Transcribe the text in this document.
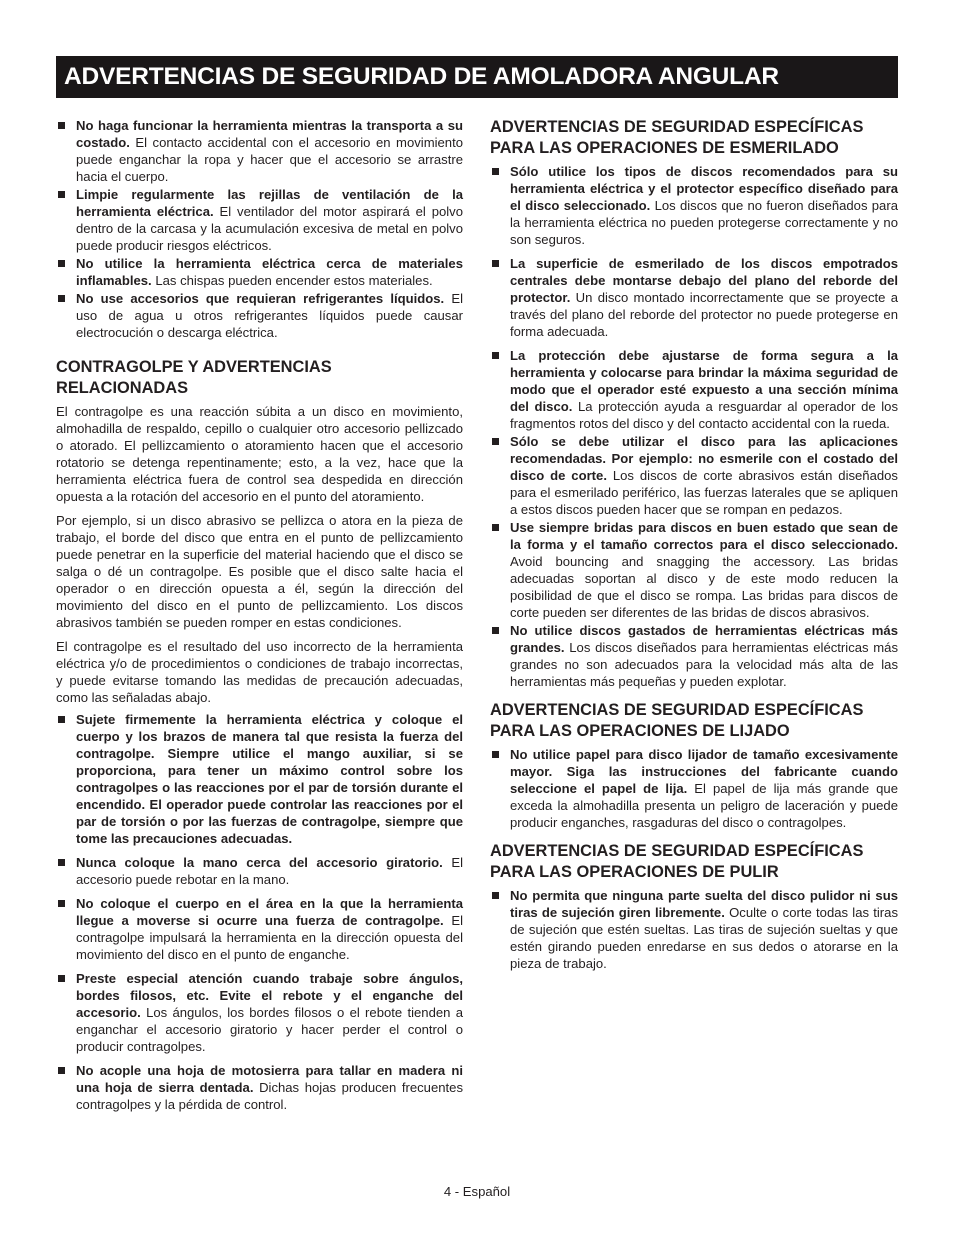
ADVERTENCIAS DE SEGURIDAD DE AMOLADORA ANGULAR

No haga funcionar la herramienta mientras la transporta a su costado. El contacto accidental con el accesorio en movimiento puede enganchar la ropa y hacer que el accesorio se arrastre hacia el cuerpo.

Limpie regularmente las rejillas de ventilación de la herramienta eléctrica. El ventilador del motor aspirará el polvo dentro de la carcasa y la acumulación excesiva de metal en polvo puede producir riesgos eléctricos.

No utilice la herramienta eléctrica cerca de materiales inflamables. Las chispas pueden encender estos materiales.

No use accesorios que requieran refrigerantes líquidos. El uso de agua u otros refrigerantes líquidos puede causar electrocución o descarga eléctrica.

CONTRAGOLPE Y ADVERTENCIAS RELACIONADAS

El contragolpe es una reacción súbita a un disco en movimiento, almohadilla de respaldo, cepillo o cualquier otro accesorio pellizcado o atorado. El pellizcamiento o atoramiento hacen que el accesorio rotatorio se detenga repentinamente; esto, a la vez, hace que la herramienta eléctrica fuera de control sea despedida en dirección opuesta a la rotación del accesorio en el punto del atoramiento.

Por ejemplo, si un disco abrasivo se pellizca o atora en la pieza de trabajo, el borde del disco que entra en el punto de pellizcamiento puede penetrar en la superficie del material haciendo que el disco se salga o dé un contragolpe. Es posible que el disco salte hacia el operador o en dirección opuesta a él, según la dirección del movimiento del disco en el punto de pellizcamiento. Los discos abrasivos también se pueden romper en estas condiciones.

El contragolpe es el resultado del uso incorrecto de la herramienta eléctrica y/o de procedimientos o condiciones de trabajo incorrectas, y puede evitarse tomando las medidas de precaución adecuadas, como las señaladas abajo.

Sujete firmemente la herramienta eléctrica y coloque el cuerpo y los brazos de manera tal que resista la fuerza del contragolpe. Siempre utilice el mango auxiliar, si se proporciona, para tener un máximo control sobre los contragolpes o las reacciones por el par de torsión durante el encendido. El operador puede controlar las reacciones por el par de torsión o por las fuerzas de contragolpe, siempre que tome las precauciones adecuadas.

Nunca coloque la mano cerca del accesorio giratorio. El accesorio puede rebotar en la mano.

No coloque el cuerpo en el área en la que la herramienta llegue a moverse si ocurre una fuerza de contragolpe. El contragolpe impulsará la herramienta en la dirección opuesta del movimiento del disco en el punto de enganche.

Preste especial atención cuando trabaje sobre ángulos, bordes filosos, etc. Evite el rebote y el enganche del accesorio. Los ángulos, los bordes filosos o el rebote tienden a enganchar el accesorio giratorio y hacer perder el control o producir contragolpes.

No acople una hoja de motosierra para tallar en madera ni una hoja de sierra dentada. Dichas hojas producen frecuentes contragolpes y la pérdida de control.

ADVERTENCIAS DE SEGURIDAD ESPECÍFICAS PARA LAS OPERACIONES DE ESMERILADO

Sólo utilice los tipos de discos recomendados para su herramienta eléctrica y el protector específico diseñado para el disco seleccionado. Los discos que no fueron diseñados para la herramienta eléctrica no pueden protegerse correctamente y no son seguros.

La superficie de esmerilado de los discos empotrados centrales debe montarse debajo del plano del reborde del protector. Un disco montado incorrectamente que se proyecte a través del plano del reborde del protector no puede protegerse en forma adecuada.

La protección debe ajustarse de forma segura a la herramienta y colocarse para brindar la máxima seguridad de modo que el operador esté expuesto a una sección mínima del disco. La protección ayuda a resguardar al operador de los fragmentos rotos del disco y del contacto accidental con la rueda.

Sólo se debe utilizar el disco para las aplicaciones recomendadas. Por ejemplo: no esmerile con el costado del disco de corte. Los discos de corte abrasivos están diseñados para el esmerilado periférico, las fuerzas laterales que se apliquen a estos discos pueden hacer que se rompan en pedazos.

Use siempre bridas para discos en buen estado que sean de la forma y el tamaño correctos para el disco seleccionado. Avoid bouncing and snagging the accessory. Las bridas adecuadas soportan al disco y de este modo reducen la posibilidad de que el disco se rompa. Las bridas para discos de corte pueden ser diferentes de las bridas de discos abrasivos.

No utilice discos gastados de herramientas eléctricas más grandes. Los discos diseñados para herramientas eléctricas más grandes no son adecuados para la velocidad más alta de las herramientas más pequeñas y pueden explotar.

ADVERTENCIAS DE SEGURIDAD ESPECÍFICAS PARA LAS OPERACIONES DE LIJADO

No utilice papel para disco lijador de tamaño excesivamente mayor. Siga las instrucciones del fabricante cuando seleccione el papel de lija. El papel de lija más grande que exceda la almohadilla presenta un peligro de laceración y puede producir enganches, rasgaduras del disco o contragolpes.

ADVERTENCIAS DE SEGURIDAD ESPECÍFICAS PARA LAS OPERACIONES DE PULIR

No permita que ninguna parte suelta del disco pulidor ni sus tiras de sujeción giren libremente. Oculte o corte todas las tiras de sujeción que estén sueltas. Las tiras de sujeción sueltas y que estén girando pueden enredarse en sus dedos o atorarse en la pieza de trabajo.

4 - Español
